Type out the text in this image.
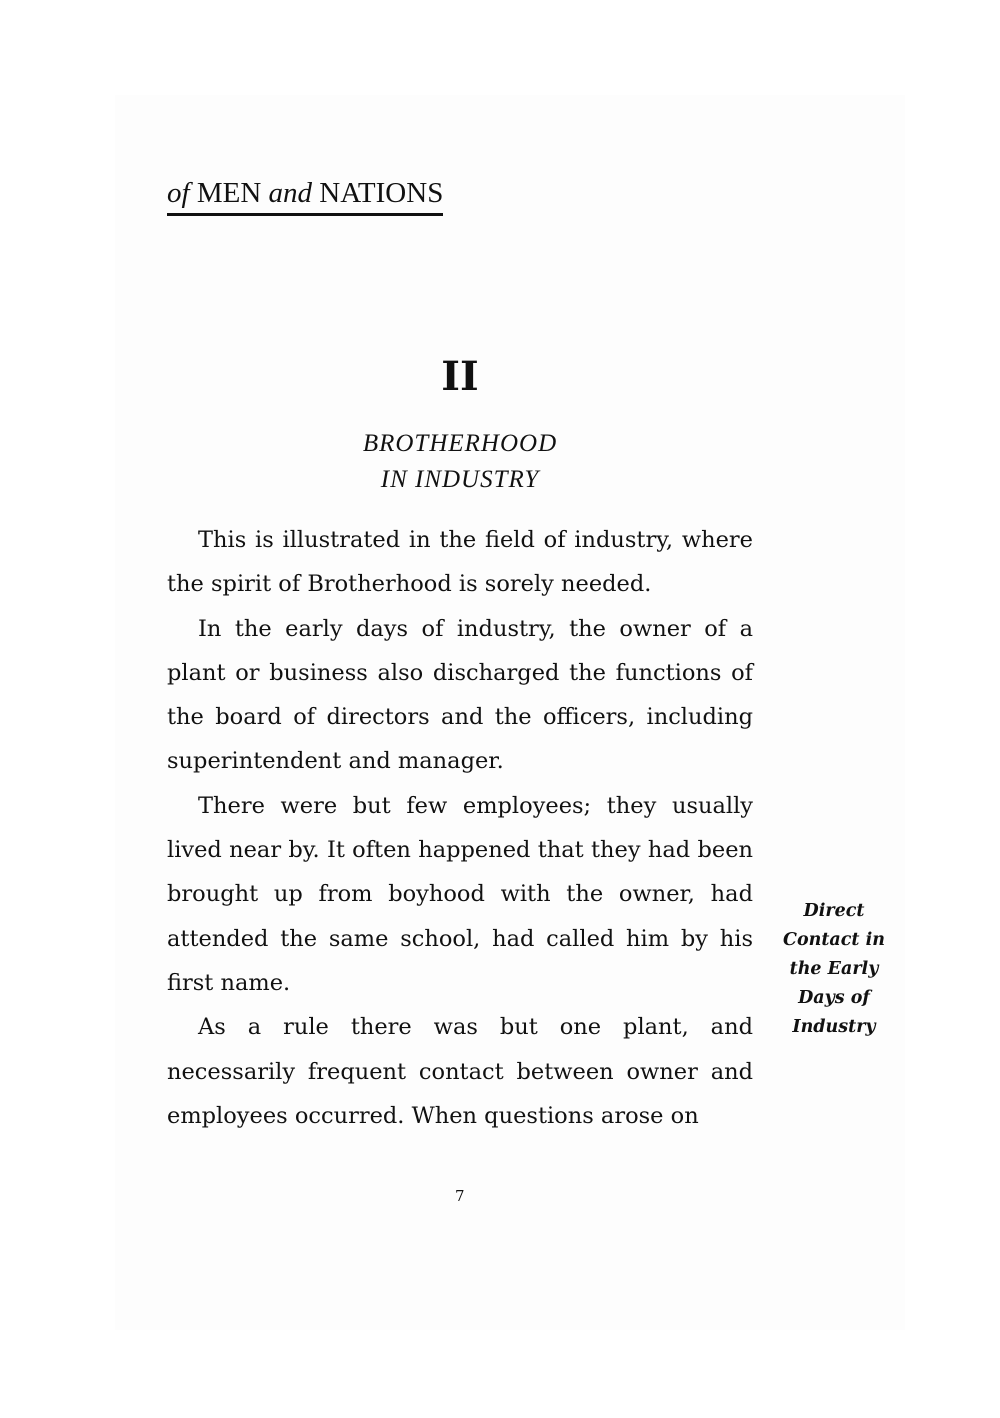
of MEN and NATIONS
II
BROTHERHOOD
IN INDUSTRY

This is illustrated in the field of industry, where the spirit of Brotherhood is sorely needed.

In the early days of industry, the owner of a plant or business also discharged the functions of the board of directors and the officers, including superintendent and manager.

There were but few employees; they usually lived near by. It often happened that they had been brought up from boyhood with the owner, had attended the same school, had called him by his first name.

As a rule there was but one plant, and necessarily frequent contact between owner and employees occurred. When questions arose on

Direct
Contact in
the Early
Days of
Industry
7
